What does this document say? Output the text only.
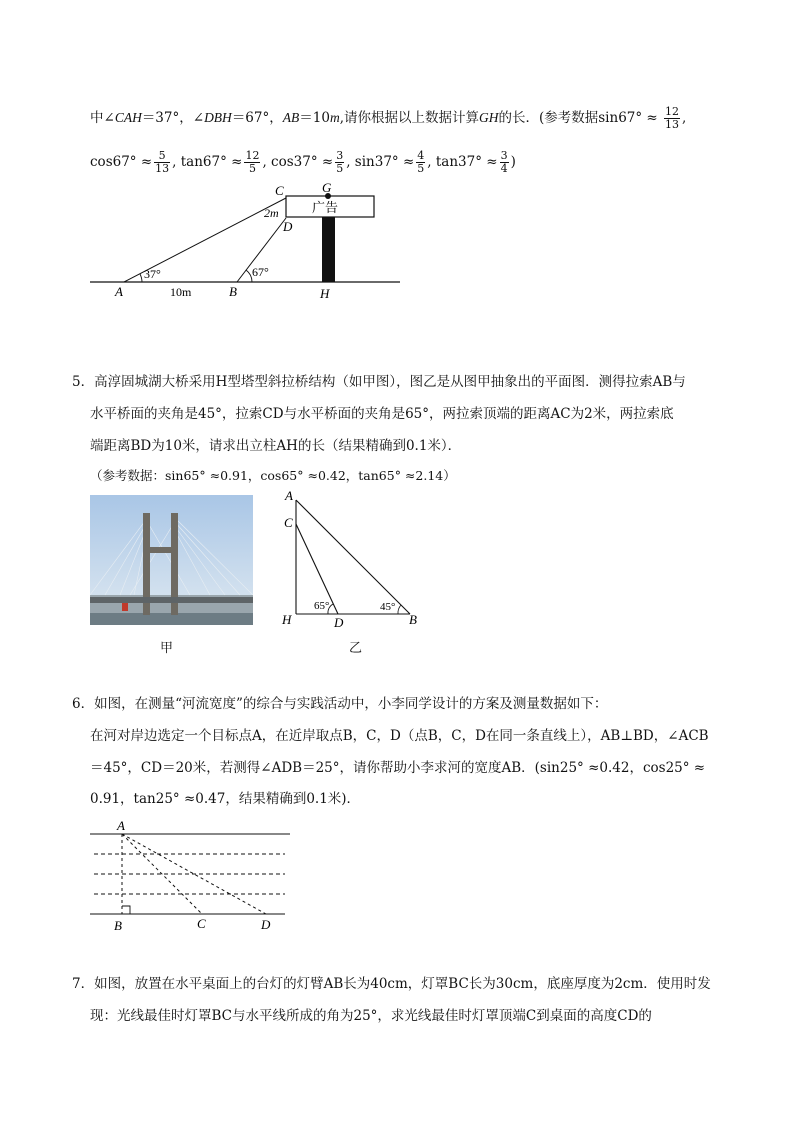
中∠CAH＝37°，∠DBH＝67°，AB＝10m,请你根据以上数据计算GH的长．(参考数据$\sin 67^\circ \approx \frac{12}{13}$ ,
$\cos 67^\circ \approx \frac{5}{13}$ , $\tan 67^\circ \approx \frac{12}{5}$ , $\cos 37^\circ \approx \frac{3}{5}$ , $\sin 37^\circ \approx \frac{4}{5}$ , $\tan 37^\circ \approx \frac{3}{4}$ )
C	G
2m
D
广告
37°	67°
A	10m	B	H
5．高淳固城湖大桥采用H型塔型斜拉桥结构（如甲图），图乙是从图甲抽象出的平面图．测得拉索AB与
水平桥面的夹角是45°，拉索CD与水平桥面的夹角是65°，两拉索顶端的距离AC为2米，两拉索底
端距离BD为10米，请求出立柱AH的长（结果精确到0.1米）．
（参考数据：sin65° ≈0.91，cos65° ≈0.42，tan65° ≈2.14）
甲
A
C
H	D	B
65°	45°
乙
6．如图，在测量“河流宽度”的综合与实践活动中，小李同学设计的方案及测量数据如下：
在河对岸边选定一个目标点A，在近岸取点B，C，D（点B，C，D在同一条直线上），AB⊥BD，∠ACB
＝45°，CD＝20米，若测得∠ADB＝25°，请你帮助小李求河的宽度AB．(sin25° ≈0.42，cos25° ≈
0.91，tan25° ≈0.47，结果精确到0.1米)．
A
B	C	D
7．如图，放置在水平桌面上的台灯的灯臂AB长为40cm，灯罩BC长为30cm，底座厚度为2cm．使用时发
现：光线最佳时灯罩BC与水平线所成的角为25°，求光线最佳时灯罩顶端C到桌面的高度CD的
